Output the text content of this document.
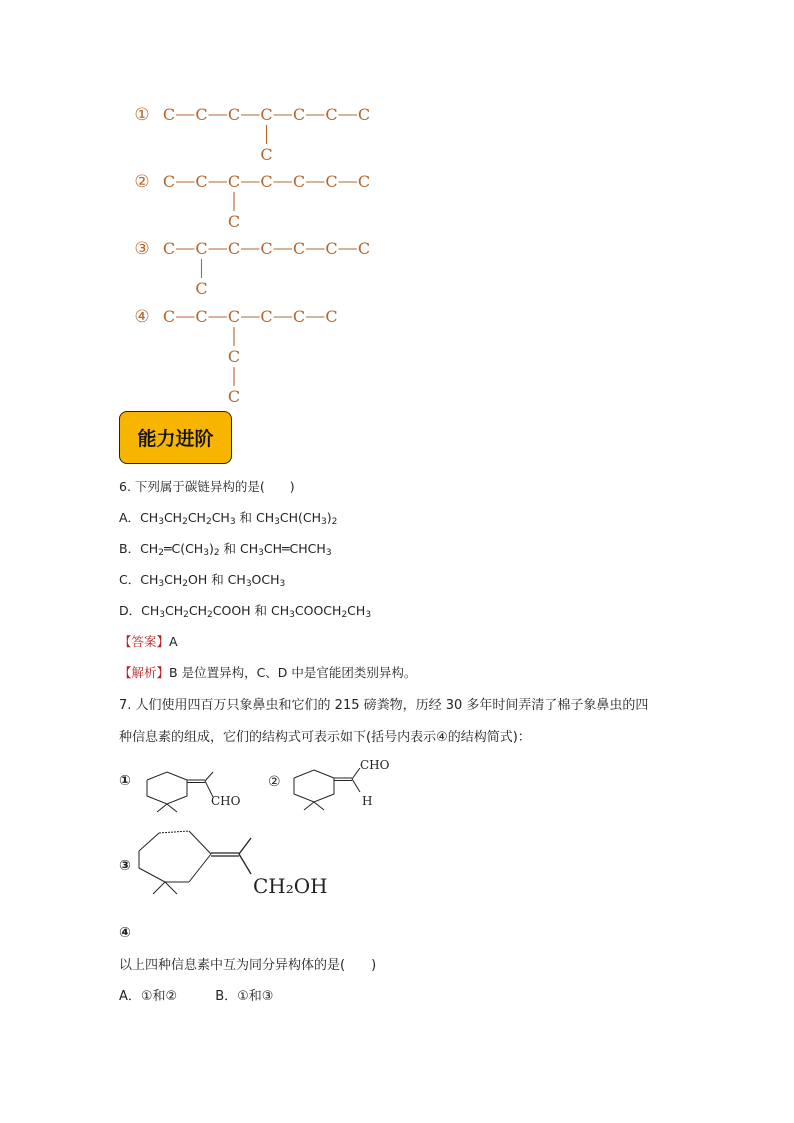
① C C C C C C C
C
② C C C C C C C
C
③ C C C C C C C
C
④ C C C C C C
C
C
能力进阶
6. 下列属于碳链异构的是(　　)
A．$CH_3CH_2CH_2CH_3$ 和 $CH_3CH(CH_3)_2$
B．$CH_2═C(CH_3)_2$ 和 $CH_3CH═CHCH_3$
C．$CH_3CH_2OH$ 和 $CH_3OCH_3$
D．$CH_3CH_2CH_2COOH$ 和 $CH_3COOCH_2CH_3$
【答案】A
【解析】B 是位置异构，C、D 中是官能团类别异构。
7. 人们使用四百万只象鼻虫和它们的 215 磅粪物，历经 30 多年时间弄清了棉子象鼻虫的四
种信息素的组成，它们的结构式可表示如下(括号内表示④的结构简式)：
①
CHO
②
CHO
H
③
CH₂OH
④
以上四种信息素中互为同分异构体的是(　　)
A．①和②	B．①和③
